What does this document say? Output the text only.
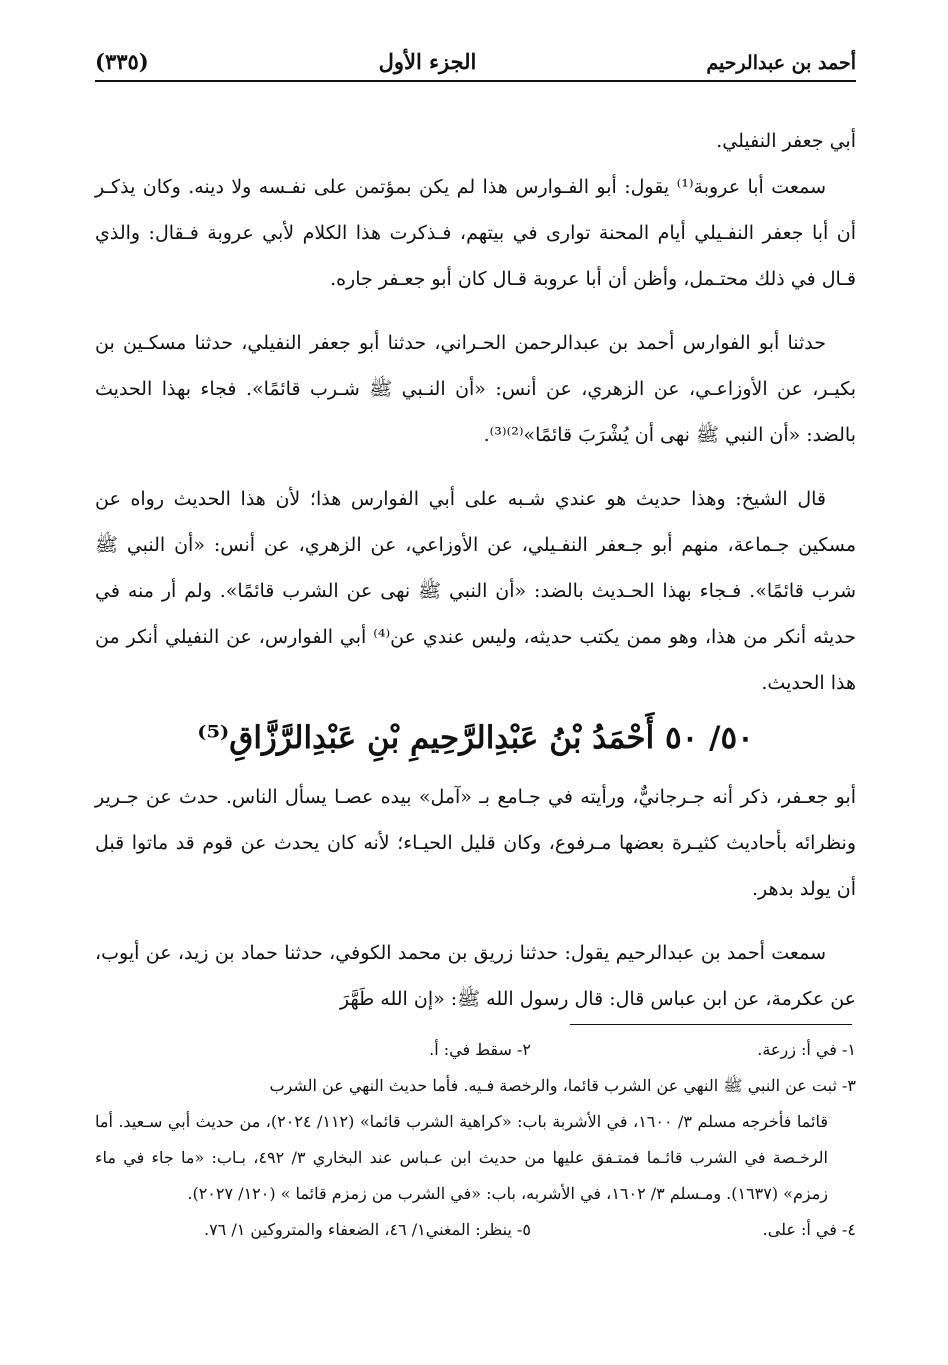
أحمد بن عبدالرحيم
الجزء الأول
(٣٣٥)

أبي جعفر النفيلي.

سمعت أبا عروبة⁽¹⁾ يقول: أبو الفـوارس هذا لم يكن بمؤتمن على نفـسه ولا دينه. وكان يذكـر أن أبا جعفر النفـيلي أيام المحنة توارى في بيتهم، فـذكرت هذا الكلام لأبي عروبة فـقال: والذي قـال في ذلك محتـمل، وأظن أن أبا عروبة قـال كان أبو جعـفر جاره.

حدثنا أبو الفوارس أحمد بن عبدالرحمن الحـراني، حدثنا أبو جعفر النفيلي، حدثنا مسكـين بن بكيـر، عن الأوزاعـي، عن الزهري، عن أنس: «أن النـبي ﷺ شـرب قائمًا». فجاء بهذا الحديث بالضد: «أن النبي ﷺ نهى أن يُشْرَبَ قائمًا»⁽²⁾⁽³⁾.

قال الشيخ: وهذا حديث هو عندي شـبه على أبي الفوارس هذا؛ لأن هذا الحديث رواه عن مسكين جـماعة، منهم أبو جـعفر النفـيلي، عن الأوزاعي، عن الزهري، عن أنس: «أن النبي ﷺ شرب قائمًا». فـجاء بهذا الحـديث بالضد: «أن النبي ﷺ نهى عن الشرب قائمًا». ولم أر منه في حديثه أنكر من هذا، وهو ممن يكتب حديثه، وليس عندي عن⁽⁴⁾ أبي الفوارس، عن النفيلي أنكر من هذا الحديث.

٥٠/ ٥٠ أَحْمَدُ بْنُ عَبْدِالرَّحِيمِ بْنِ عَبْدِالرَّزَّاقِ⁽⁵⁾

أبو جعـفر، ذكر أنه جـرجانيٌّ، ورأيته في جـامع بـ «آمل» بيده عصـا يسأل الناس. حدث عن جـرير ونظرائه بأحاديث كثيـرة بعضها مـرفوع، وكان قليل الحيـاء؛ لأنه كان يحدث عن قوم قد ماتوا قبل أن يولد بدهر.

سمعت أحمد بن عبدالرحيم يقول: حدثنا زريق بن محمد الكوفي، حدثنا حماد بن زيد، عن أيوب، عن عكرمة، عن ابن عباس قال: قال رسول الله ﷺ: «إن الله طَهَّرَ

١- في أ: زرعة.
٢- سقط في: أ.
٣- ثبت عن النبي ﷺ النهي عن الشرب قائما، والرخصة فـيه. فأما حديث النهي عن الشرب
قائما فأخرجه مسلم ٣/ ١٦٠٠، في الأشربة باب: «كراهية الشرب قائما» (١١٢/ ٢٠٢٤)، من حديث أبي سـعيد. أما الرخـصة في الشرب قائـما فمتـفق عليها من حديث ابن عـباس عند البخاري ٣/ ٤٩٢، بـاب: «ما جاء في ماء زمزم» (١٦٣٧). ومـسلم ٣/ ١٦٠٢، في الأشربه، باب: «في الشرب من زمزم قائما » (١٢٠/ ٢٠٢٧).
٤- في أ: على.
٥- ينظر: المغني١/ ٤٦، الضعفاء والمتروكين ١/ ٧٦.
